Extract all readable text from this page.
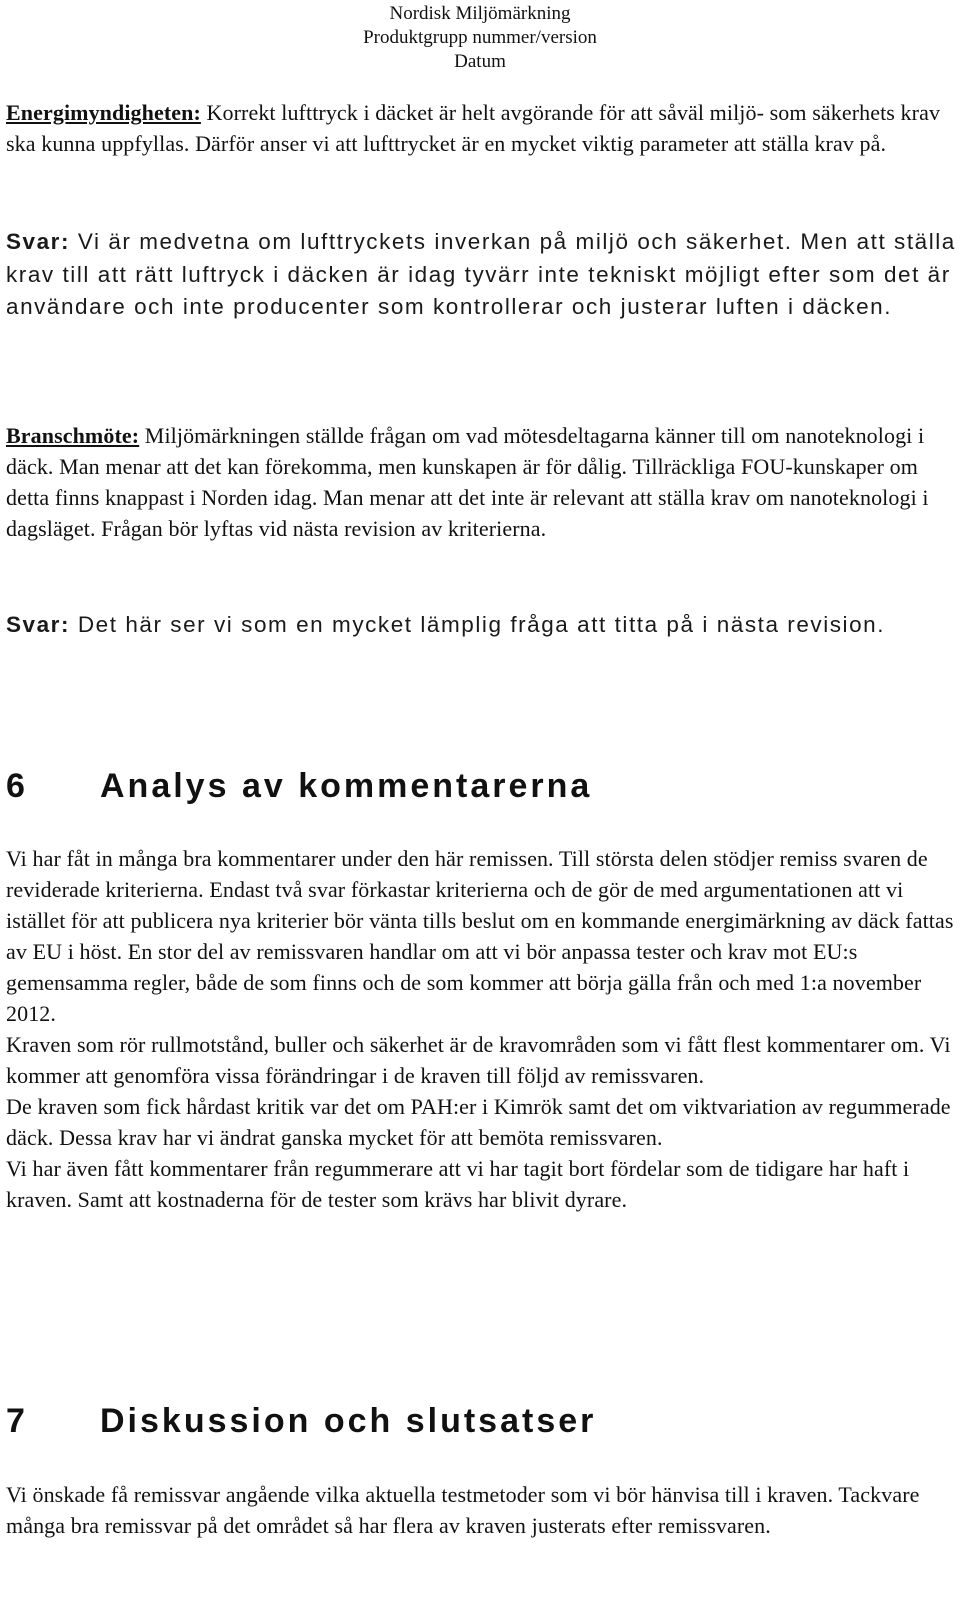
Nordisk Miljömärkning
Produktgrupp nummer/version
Datum

Energimyndigheten: Korrekt lufttryck i däcket är helt avgörande för att såväl miljö- som säkerhets krav ska kunna uppfyllas. Därför anser vi att lufttrycket är en mycket viktig parameter att ställa krav på.

Svar: Vi är medvetna om lufttryckets inverkan på miljö och säkerhet. Men att ställa krav till att rätt luftryck i däcken är idag tyvärr inte tekniskt möjligt efter som det är användare och inte producenter som kontrollerar och justerar luften i däcken.

Branschmöte: Miljömärkningen ställde frågan om vad mötesdeltagarna känner till om nanoteknologi i däck. Man menar att det kan förekomma, men kunskapen är för dålig. Tillräckliga FOU-kunskaper om detta finns knappast i Norden idag. Man menar att det inte är relevant att ställa krav om nanoteknologi i dagsläget. Frågan bör lyftas vid nästa revision av kriterierna.

Svar: Det här ser vi som en mycket lämplig fråga att titta på i nästa revision.

6 Analys av kommentarerna

Vi har fåt in många bra kommentarer under den här remissen. Till största delen stödjer remiss svaren de reviderade kriterierna. Endast två svar förkastar kriterierna och de gör de med argumentationen att vi istället för att publicera nya kriterier bör vänta tills beslut om en kommande energimärkning av däck fattas av EU i höst. En stor del av remissvaren handlar om att vi bör anpassa tester och krav mot EU:s gemensamma regler, både de som finns och de som kommer att börja gälla från och med 1:a november 2012.

Kraven som rör rullmotstånd, buller och säkerhet är de kravområden som vi fått flest kommentarer om. Vi kommer att genomföra vissa förändringar i de kraven till följd av remissvaren.

De kraven som fick hårdast kritik var det om PAH:er i Kimrök samt det om viktvariation av regummerade däck. Dessa krav har vi ändrat ganska mycket för att bemöta remissvaren.

Vi har även fått kommentarer från regummerare att vi har tagit bort fördelar som de tidigare har haft i kraven. Samt att kostnaderna för de tester som krävs har blivit dyrare.

7 Diskussion och slutsatser

Vi önskade få remissvar angående vilka aktuella testmetoder som vi bör hänvisa till i kraven. Tackvare många bra remissvar på det området så har flera av kraven justerats efter remissvaren.
